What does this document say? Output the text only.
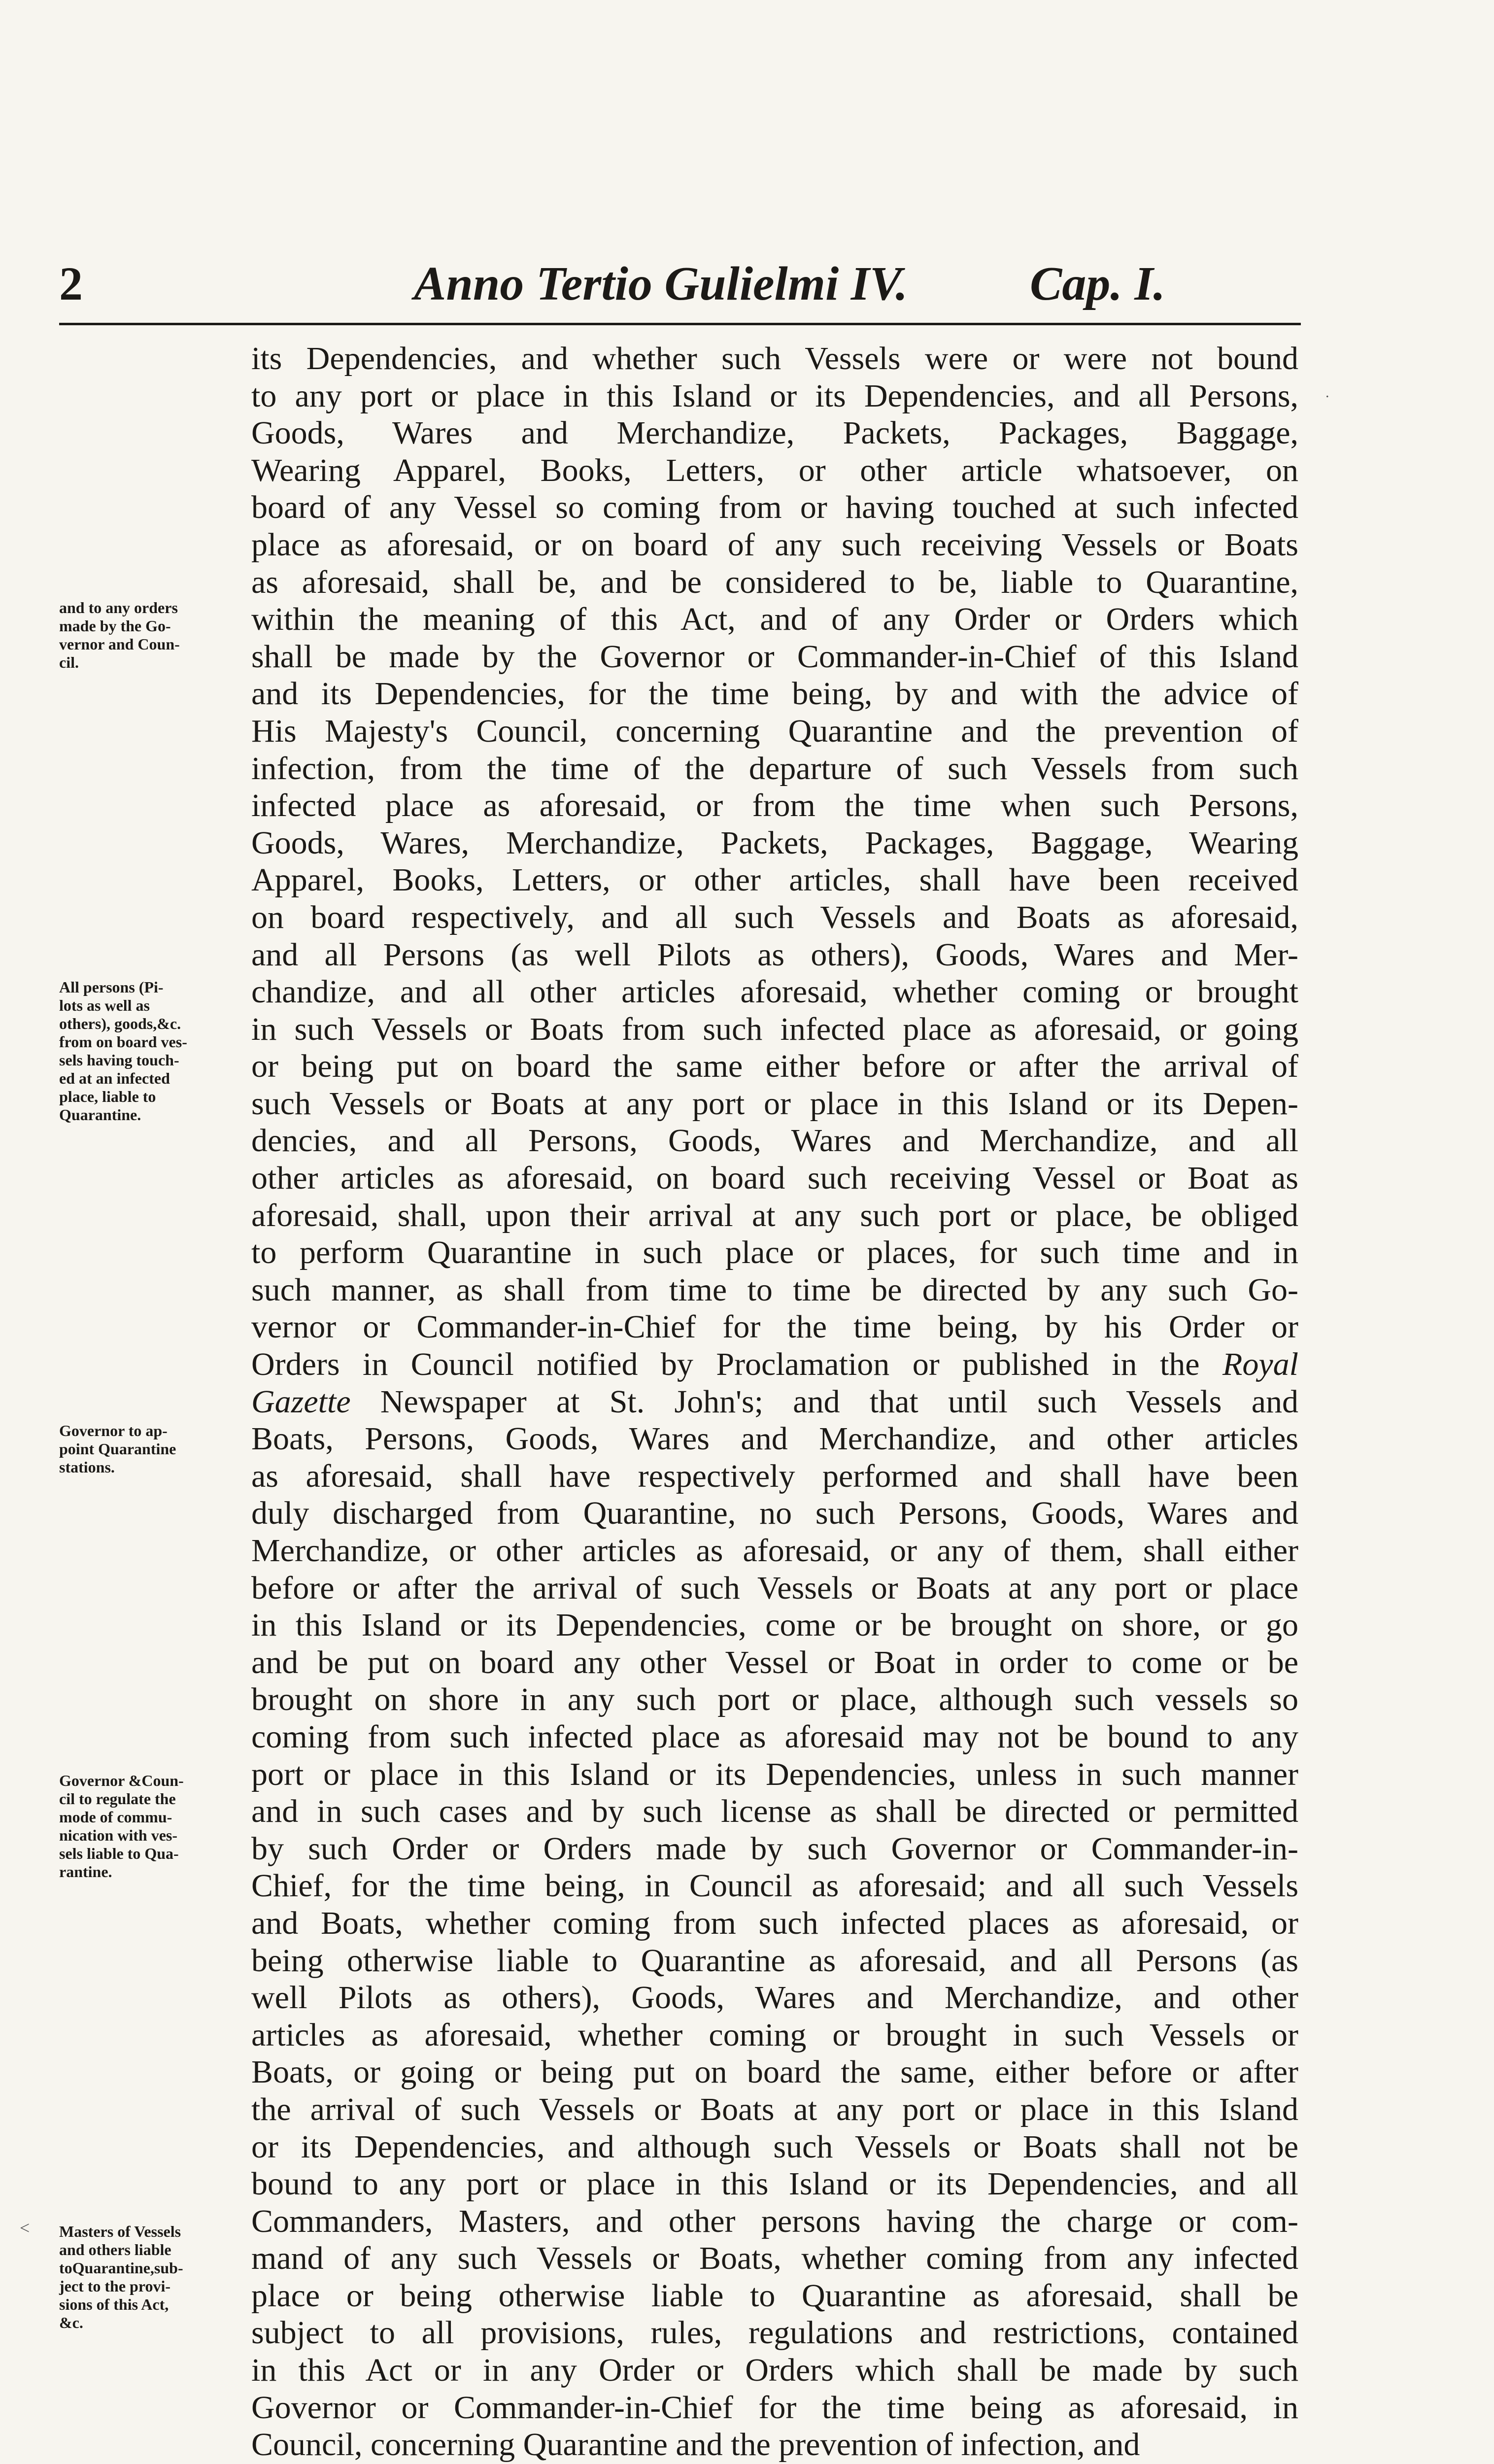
2	Anno Tertio Gulielmi IV.	Cap. I.
its Dependencies, and whether such Vessels were or were not bound
to any port or place in this Island or its Dependencies, and all Persons,
Goods, Wares and Merchandize, Packets, Packages, Baggage,
Wearing Apparel, Books, Letters, or other article whatsoever, on
board of any Vessel so coming from or having touched at such infected
place as aforesaid, or on board of any such receiving Vessels or Boats
as aforesaid, shall be, and be considered to be, liable to Quarantine,
within the meaning of this Act, and of any Order or Orders which
shall be made by the Governor or Commander-in-Chief of this Island
and its Dependencies, for the time being, by and with the advice of
His Majesty's Council, concerning Quarantine and the prevention of
infection, from the time of the departure of such Vessels from such
infected place as aforesaid, or from the time when such Persons,
Goods, Wares, Merchandize, Packets, Packages, Baggage, Wearing
Apparel, Books, Letters, or other articles, shall have been received
on board respectively, and all such Vessels and Boats as aforesaid,
and all Persons (as well Pilots as others), Goods, Wares and Mer-
chandize, and all other articles aforesaid, whether coming or brought
in such Vessels or Boats from such infected place as aforesaid, or going
or being put on board the same either before or after the arrival of
such Vessels or Boats at any port or place in this Island or its Depen-
dencies, and all Persons, Goods, Wares and Merchandize, and all
other articles as aforesaid, on board such receiving Vessel or Boat as
aforesaid, shall, upon their arrival at any such port or place, be obliged
to perform Quarantine in such place or places, for such time and in
such manner, as shall from time to time be directed by any such Go-
vernor or Commander-in-Chief for the time being, by his Order or
Orders in Council notified by Proclamation or published in the Royal
Gazette Newspaper at St. John's; and that until such Vessels and
Boats, Persons, Goods, Wares and Merchandize, and other articles
as aforesaid, shall have respectively performed and shall have been
duly discharged from Quarantine, no such Persons, Goods, Wares and
Merchandize, or other articles as aforesaid, or any of them, shall either
before or after the arrival of such Vessels or Boats at any port or place
in this Island or its Dependencies, come or be brought on shore, or go
and be put on board any other Vessel or Boat in order to come or be
brought on shore in any such port or place, although such vessels so
coming from such infected place as aforesaid may not be bound to any
port or place in this Island or its Dependencies, unless in such manner
and in such cases and by such license as shall be directed or permitted
by such Order or Orders made by such Governor or Commander-in-
Chief, for the time being, in Council as aforesaid; and all such Vessels
and Boats, whether coming from such infected places as aforesaid, or
being otherwise liable to Quarantine as aforesaid, and all Persons (as
well Pilots as others), Goods, Wares and Merchandize, and other
articles as aforesaid, whether coming or brought in such Vessels or
Boats, or going or being put on board the same, either before or after
the arrival of such Vessels or Boats at any port or place in this Island
or its Dependencies, and although such Vessels or Boats shall not be
bound to any port or place in this Island or its Dependencies, and all
Commanders, Masters, and other persons having the charge or com-
mand of any such Vessels or Boats, whether coming from any infected
place or being otherwise liable to Quarantine as aforesaid, shall be
subject to all provisions, rules, regulations and restrictions, contained
in this Act or in any Order or Orders which shall be made by such
Governor or Commander-in-Chief for the time being as aforesaid, in
Council, concerning Quarantine and the prevention of infection, and
and to any orders
made by the Go-
vernor and Coun-
cil.
All persons (Pi-
lots as well as
others), goods,&c.
from on board ves-
sels having touch-
ed at an infected
place, liable to
Quarantine.
Governor to ap-
point Quarantine
stations.
Governor &Coun-
cil to regulate the
mode of commu-
nication with ves-
sels liable to Qua-
rantine.
Masters of Vessels
and others liable
toQuarantine,sub-
ject to the provi-
sions of this Act,
&c.
.
˂
